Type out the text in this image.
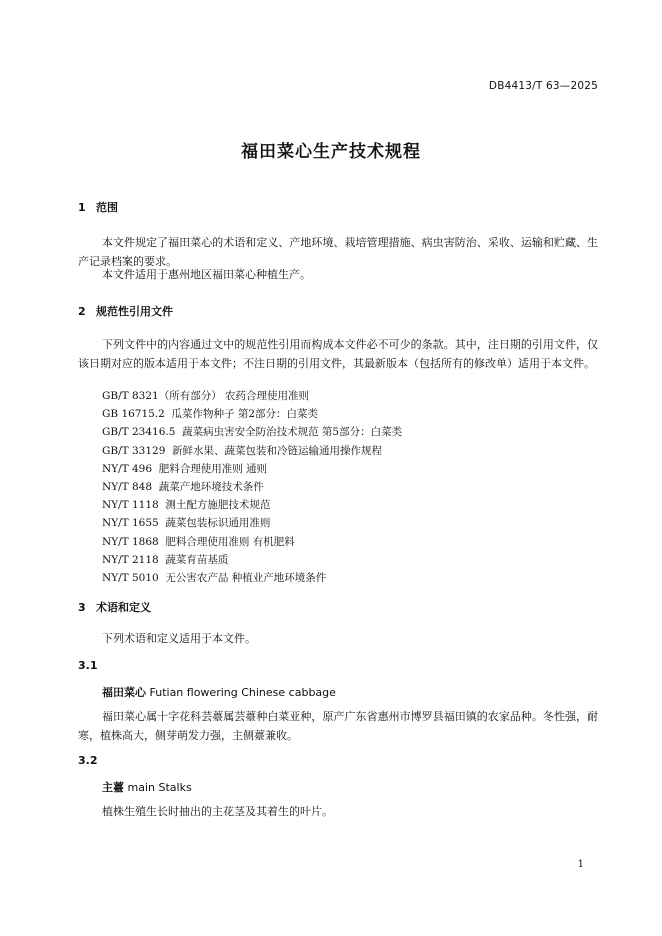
DB4413/T 63—2025
福田菜心生产技术规程
1 范围
本文件规定了福田菜心的术语和定义、产地环境、栽培管理措施、病虫害防治、采收、运输和贮藏、生产记录档案的要求。
本文件适用于惠州地区福田菜心种植生产。
2 规范性引用文件
下列文件中的内容通过文中的规范性引用而构成本文件必不可少的条款。其中，注日期的引用文件，仅该日期对应的版本适用于本文件；不注日期的引用文件，其最新版本（包括所有的修改单）适用于本文件。
GB/T 8321（所有部分） 农药合理使用准则
GB 16715.2  瓜菜作物种子 第2部分：白菜类
GB/T 23416.5  蔬菜病虫害安全防治技术规范 第5部分：白菜类
GB/T 33129  新鲜水果、蔬菜包装和冷链运输通用操作规程
NY/T 496  肥料合理使用准则 通则
NY/T 848  蔬菜产地环境技术条件
NY/T 1118  测土配方施肥技术规范
NY/T 1655  蔬菜包装标识通用准则
NY/T 1868  肥料合理使用准则 有机肥料
NY/T 2118  蔬菜育苗基质
NY/T 5010  无公害农产品 种植业产地环境条件
3 术语和定义
下列术语和定义适用于本文件。
3.1
福田菜心 Futian flowering Chinese cabbage
福田菜心属十字花科芸薹属芸薹种白菜亚种，原产广东省惠州市博罗县福田镇的农家品种。冬性强，耐寒，植株高大，侧芽萌发力强，主侧薹兼收。
3.2
主薹 main Stalks
植株生殖生长时抽出的主花茎及其着生的叶片。
1
